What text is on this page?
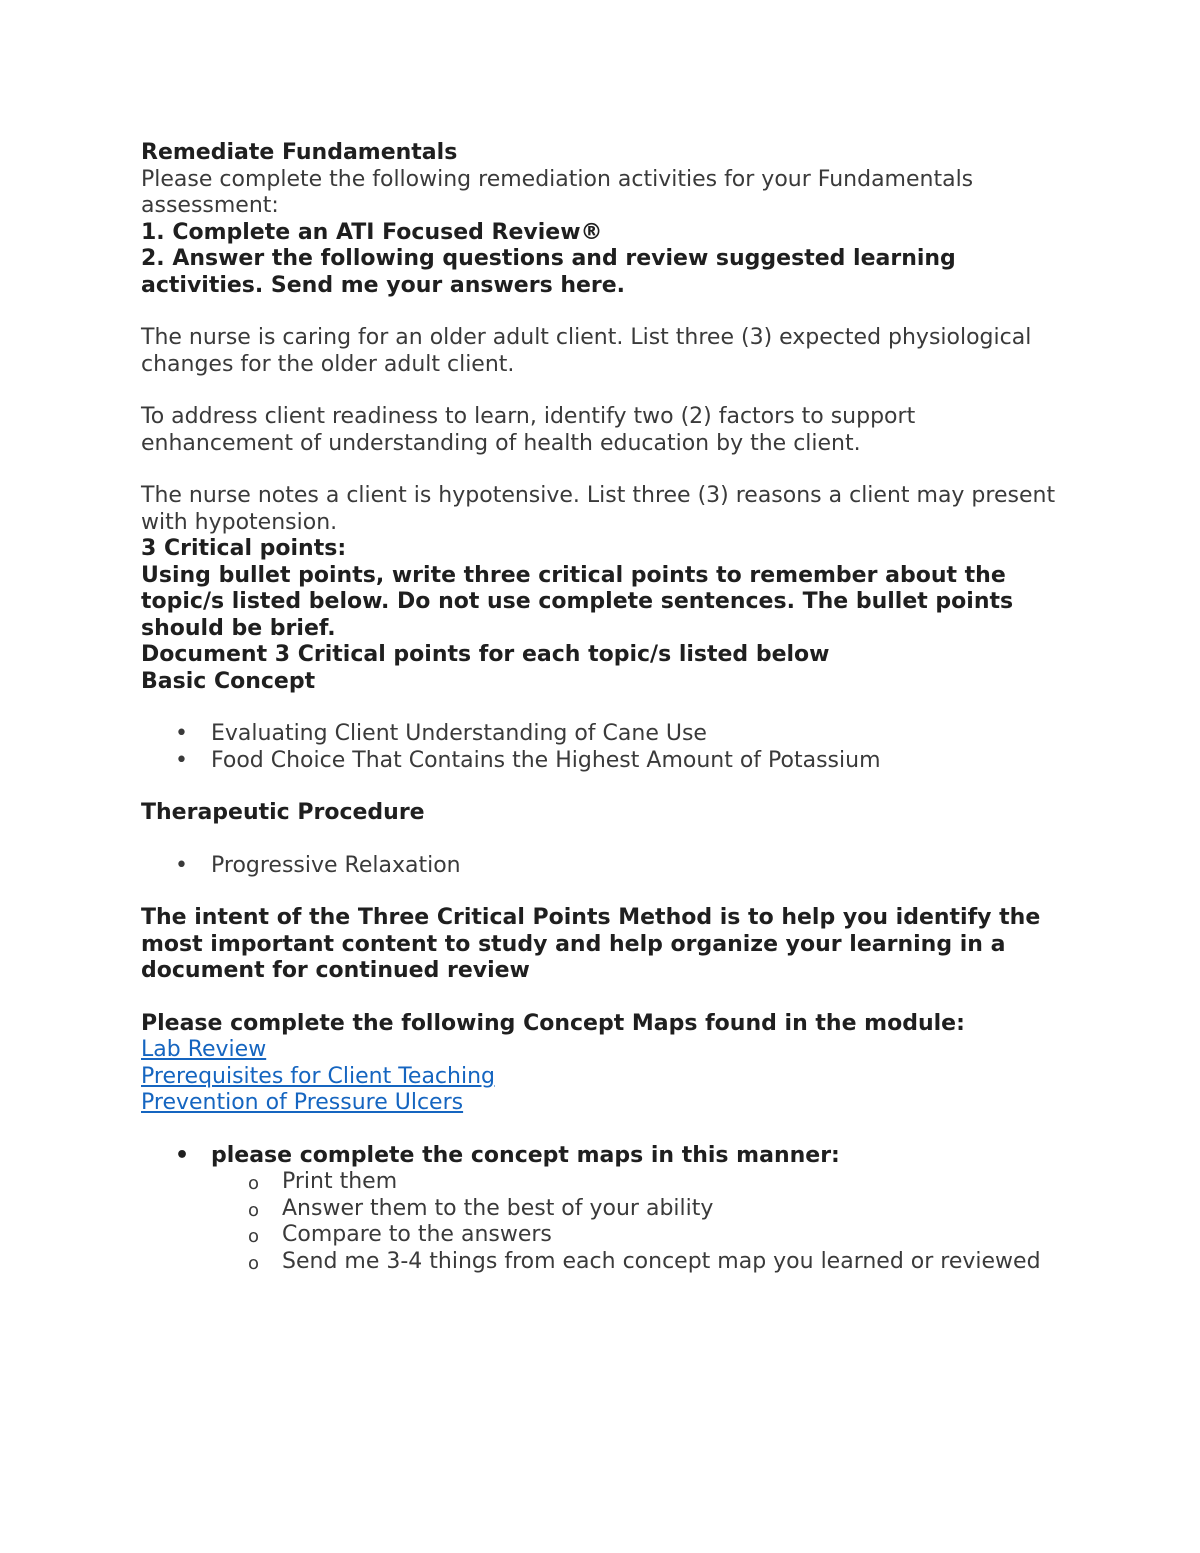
Remediate Fundamentals

Please complete the following remediation activities for your Fundamentals assessment:

1. Complete an ATI Focused Review®

2. Answer the following questions and review suggested learning activities. Send me your answers here.

The nurse is caring for an older adult client. List three (3) expected physiological changes for the older adult client.

To address client readiness to learn, identify two (2) factors to support enhancement of understanding of health education by the client.

The nurse notes a client is hypotensive. List three (3) reasons a client may present with hypotension.

3 Critical points:

Using bullet points, write three critical points to remember about the topic/s listed below. Do not use complete sentences. The bullet points should be brief.

Document 3 Critical points for each topic/s listed below

Basic Concept

• Evaluating Client Understanding of Cane Use
• Food Choice That Contains the Highest Amount of Potassium

Therapeutic Procedure

• Progressive Relaxation

The intent of the Three Critical Points Method is to help you identify the most important content to study and help organize your learning in a document for continued review

Please complete the following Concept Maps found in the module:

Lab Review
Prerequisites for Client Teaching
Prevention of Pressure Ulcers
• please complete the concept maps in this manner:
o Print them
o Answer them to the best of your ability
o Compare to the answers
o Send me 3-4 things from each concept map you learned or reviewed
